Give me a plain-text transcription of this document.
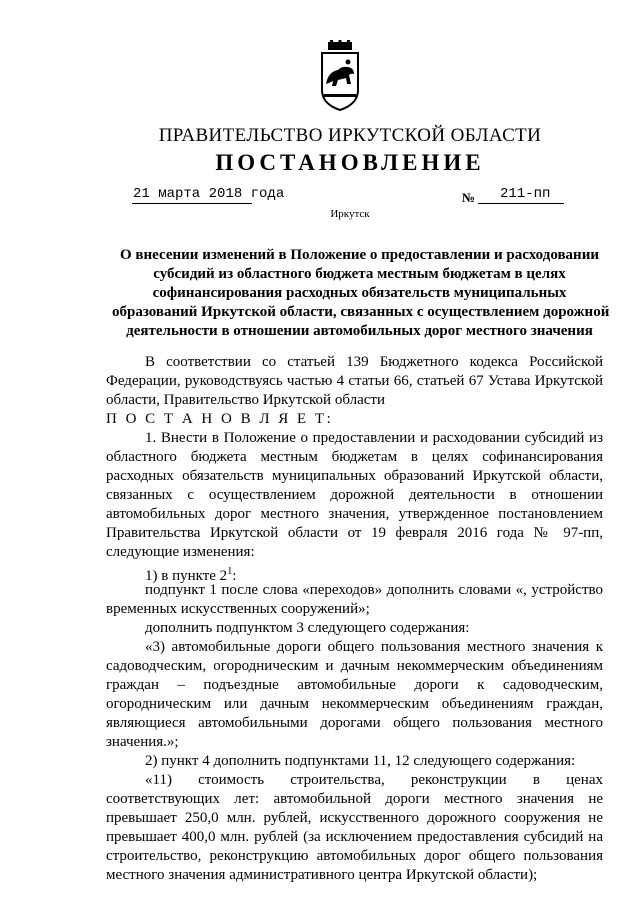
ПРАВИТЕЛЬСТВО ИРКУТСКОЙ ОБЛАСТИ
ПОСТАНОВЛЕНИЕ
21 марта 2018 года	№ 211-пп
Иркутск
О внесении изменений в Положение о предоставлении и расходовании
субсидий из областного бюджета местным бюджетам в целях
софинансирования расходных обязательств муниципальных
образований Иркутской области, связанных с осуществлением дорожной
деятельности в отношении автомобильных дорог местного значения
В соответствии со статьей 139 Бюджетного кодекса Российской
Федерации, руководствуясь частью 4 статьи 66, статьей 67 Устава Иркутской
области, Правительство Иркутской области
П О С Т А Н О В Л Я Е Т:
1. Внести в Положение о предоставлении и расходовании субсидий из
областного бюджета местным бюджетам в целях софинансирования
расходных обязательств муниципальных образований Иркутской области,
связанных с осуществлением дорожной деятельности в отношении
автомобильных дорог местного значения, утвержденное постановлением
Правительства Иркутской области от 19 февраля 2016 года № 97-пп,
следующие изменения:
1) в пункте $2^1$:
подпункт 1 после слова «переходов» дополнить словами «, устройство
временных искусственных сооружений»;
дополнить подпунктом 3 следующего содержания:
«3) автомобильные дороги общего пользования местного значения к
садоводческим, огородническим и дачным некоммерческим объединениям
граждан – подъездные автомобильные дороги к садоводческим,
огородническим или дачным некоммерческим объединениям граждан,
являющиеся автомобильными дорогами общего пользования местного
значения.»;
2) пункт 4 дополнить подпунктами 11, 12 следующего содержания:
«11) стоимость строительства, реконструкции в ценах
соответствующих лет: автомобильной дороги местного значения не
превышает 250,0 млн. рублей, искусственного дорожного сооружения не
превышает 400,0 млн. рублей (за исключением предоставления субсидий на
строительство, реконструкцию автомобильных дорог общего пользования
местного значения административного центра Иркутской области);
